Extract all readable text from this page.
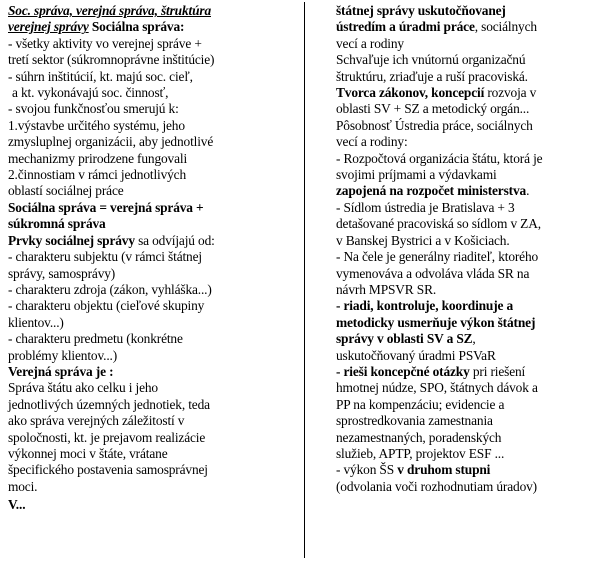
Soc. správa, verejná správa, štruktúra
verejnej správy Sociálna správa:
- všetky aktivity vo verejnej správe +
tretí sektor (súkromnoprávne inštitúcie)
- súhrn inštitúcií, kt. majú soc. cieľ,
a kt. vykonávajú soc. činnosť,
- svojou funkčnosťou smerujú k:
1.výstavbe určitého systému, jeho
zmysluplnej organizácii, aby jednotlivé
mechanizmy prirodzene fungovali
2.činnostiam v rámci jednotlivých
oblastí sociálnej práce
Sociálna správa = verejná správa +
súkromná správa
Prvky sociálnej správy sa odvíjajú od:
- charakteru subjektu (v rámci štátnej
správy, samosprávy)
- charakteru zdroja (zákon, vyhláška...)
- charakteru objektu (cieľové skupiny
klientov...)
- charakteru predmetu (konkrétne
problémy klientov...)
Verejná správa je :
Správa štátu ako celku i jeho
jednotlivých územných jednotiek, teda
ako správa verejných záležitostí v
spoločnosti, kt. je prejavom realizácie
výkonnej moci v štáte, vrátane
špecifického postavenia samosprávnej
moci.
V...
štátnej správy uskutočňovanej
ústredím a úradmi práce, sociálnych
vecí a rodiny
Schvaľuje ich vnútornú organizačnú
štruktúru, zriaďuje a ruší pracoviská.
Tvorca zákonov, koncepcií rozvoja v
oblasti SV + SZ a metodický orgán...
Pôsobnosť Ústredia práce, sociálnych
vecí a rodiny:
- Rozpočtová organizácia štátu, ktorá je
svojimi príjmami a výdavkami
zapojená na rozpočet ministerstva.
- Sídlom ústredia je Bratislava + 3
detašované pracoviská so sídlom v ZA,
v Banskej Bystrici a v Košiciach.
- Na čele je generálny riaditeľ, ktorého
vymenováva a odvoláva vláda SR na
návrh MPSVR SR.
- riadi, kontroluje, koordinuje a
metodicky usmerňuje výkon štátnej
správy v oblasti SV a SZ,
uskutočňovaný úradmi PSVaR
- rieši koncepčné otázky pri riešení
hmotnej núdze, SPO, štátnych dávok a
PP na kompenzáciu; evidencie a
sprostredkovania zamestnania
nezamestnaných, poradenských
služieb, APTP, projektov ESF ...
- výkon ŠS v druhom stupni
(odvolania voči rozhodnutiam úradov)
